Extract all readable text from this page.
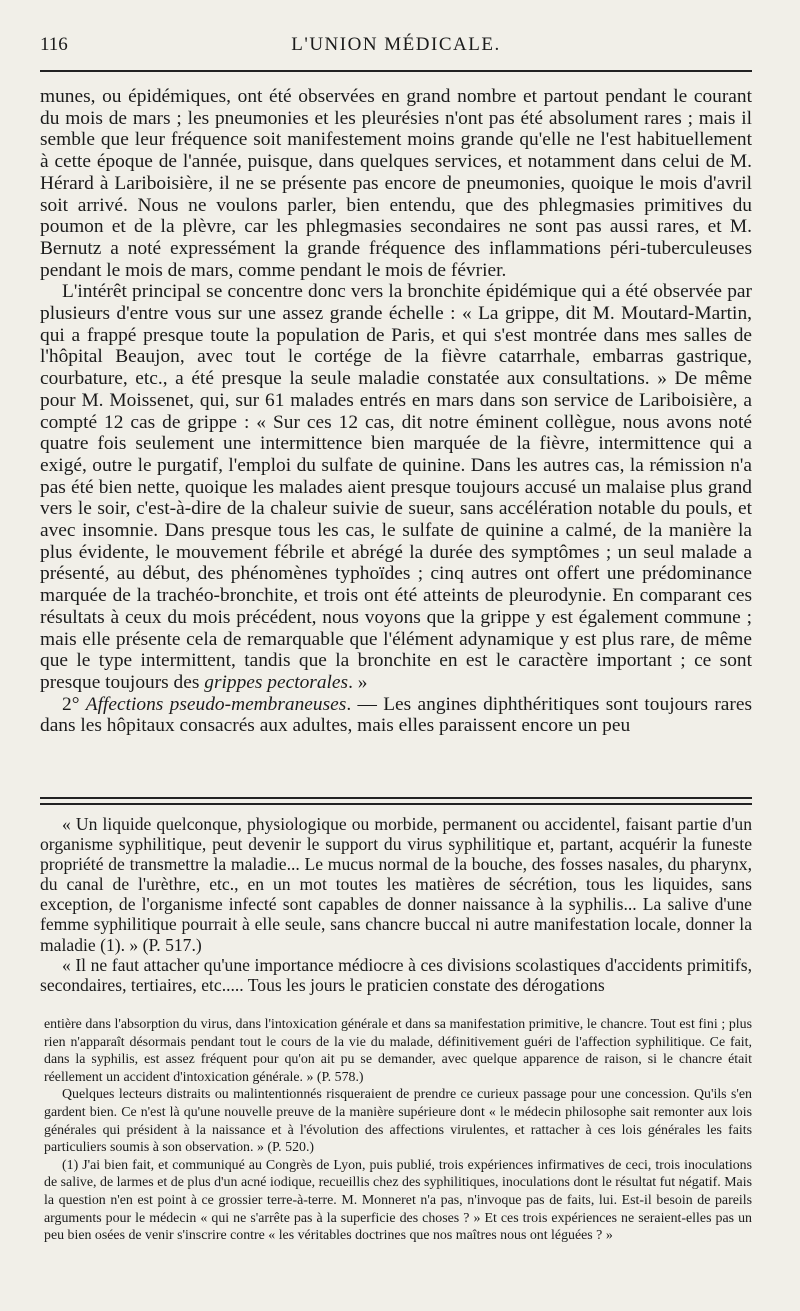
116	L'UNION MÉDICALE.

munes, ou épidémiques, ont été observées en grand nombre et partout pendant le courant du mois de mars ; les pneumonies et les pleurésies n'ont pas été absolument rares ; mais il semble que leur fréquence soit manifestement moins grande qu'elle ne l'est habituellement à cette époque de l'année, puisque, dans quelques services, et notamment dans celui de M. Hérard à Lariboisière, il ne se présente pas encore de pneumonies, quoique le mois d'avril soit arrivé. Nous ne voulons parler, bien entendu, que des phlegmasies primitives du poumon et de la plèvre, car les phlegmasies secondaires ne sont pas aussi rares, et M. Bernutz a noté expressément la grande fréquence des inflammations péri-tuberculeuses pendant le mois de mars, comme pendant le mois de février.

L'intérêt principal se concentre donc vers la bronchite épidémique qui a été observée par plusieurs d'entre vous sur une assez grande échelle : « La grippe, dit M. Moutard-Martin, qui a frappé presque toute la population de Paris, et qui s'est montrée dans mes salles de l'hôpital Beaujon, avec tout le cortége de la fièvre catarrhale, embarras gastrique, courbature, etc., a été presque la seule maladie constatée aux consultations. » De même pour M. Moissenet, qui, sur 61 malades entrés en mars dans son service de Lariboisière, a compté 12 cas de grippe : « Sur ces 12 cas, dit notre éminent collègue, nous avons noté quatre fois seulement une intermittence bien marquée de la fièvre, intermittence qui a exigé, outre le purgatif, l'emploi du sulfate de quinine. Dans les autres cas, la rémission n'a pas été bien nette, quoique les malades aient presque toujours accusé un malaise plus grand vers le soir, c'est-à-dire de la chaleur suivie de sueur, sans accélération notable du pouls, et avec insomnie. Dans presque tous les cas, le sulfate de quinine a calmé, de la manière la plus évidente, le mouvement fébrile et abrégé la durée des symptômes ; un seul malade a présenté, au début, des phénomènes typhoïdes ; cinq autres ont offert une prédominance marquée de la trachéo-bronchite, et trois ont été atteints de pleurodynie. En comparant ces résultats à ceux du mois précédent, nous voyons que la grippe y est également commune ; mais elle présente cela de remarquable que l'élément adynamique y est plus rare, de même que le type intermittent, tandis que la bronchite en est le caractère important ; ce sont presque toujours des grippes pectorales. »

2° Affections pseudo-membraneuses. — Les angines diphthéritiques sont toujours rares dans les hôpitaux consacrés aux adultes, mais elles paraissent encore un peu

« Un liquide quelconque, physiologique ou morbide, permanent ou accidentel, faisant partie d'un organisme syphilitique, peut devenir le support du virus syphilitique et, partant, acquérir la funeste propriété de transmettre la maladie... Le mucus normal de la bouche, des fosses nasales, du pharynx, du canal de l'urèthre, etc., en un mot toutes les matières de sécrétion, tous les liquides, sans exception, de l'organisme infecté sont capables de donner naissance à la syphilis... La salive d'une femme syphilitique pourrait à elle seule, sans chancre buccal ni autre manifestation locale, donner la maladie (1). » (P. 517.)

« Il ne faut attacher qu'une importance médiocre à ces divisions scolastiques d'accidents primitifs, secondaires, tertiaires, etc..... Tous les jours le praticien constate des dérogations

entière dans l'absorption du virus, dans l'intoxication générale et dans sa manifestation primitive, le chancre. Tout est fini ; plus rien n'apparaît désormais pendant tout le cours de la vie du malade, définitivement guéri de l'affection syphilitique. Ce fait, dans la syphilis, est assez fréquent pour qu'on ait pu se demander, avec quelque apparence de raison, si le chancre était réellement un accident d'intoxication générale. » (P. 578.)

Quelques lecteurs distraits ou malintentionnés risqueraient de prendre ce curieux passage pour une concession. Qu'ils s'en gardent bien. Ce n'est là qu'une nouvelle preuve de la manière supérieure dont « le médecin philosophe sait remonter aux lois générales qui président à la naissance et à l'évolution des affections virulentes, et rattacher à ces lois générales les faits particuliers soumis à son observation. » (P. 520.)

(1) J'ai bien fait, et communiqué au Congrès de Lyon, puis publié, trois expériences infirmatives de ceci, trois inoculations de salive, de larmes et de plus d'un acné iodique, recueillis chez des syphilitiques, inoculations dont le résultat fut négatif. Mais la question n'en est point à ce grossier terre-à-terre. M. Monneret n'a pas, n'invoque pas de faits, lui. Est-il besoin de pareils arguments pour le médecin « qui ne s'arrête pas à la superficie des choses ? » Et ces trois expériences ne seraient-elles pas un peu bien osées de venir s'inscrire contre « les véritables doctrines que nos maîtres nous ont léguées ? »
